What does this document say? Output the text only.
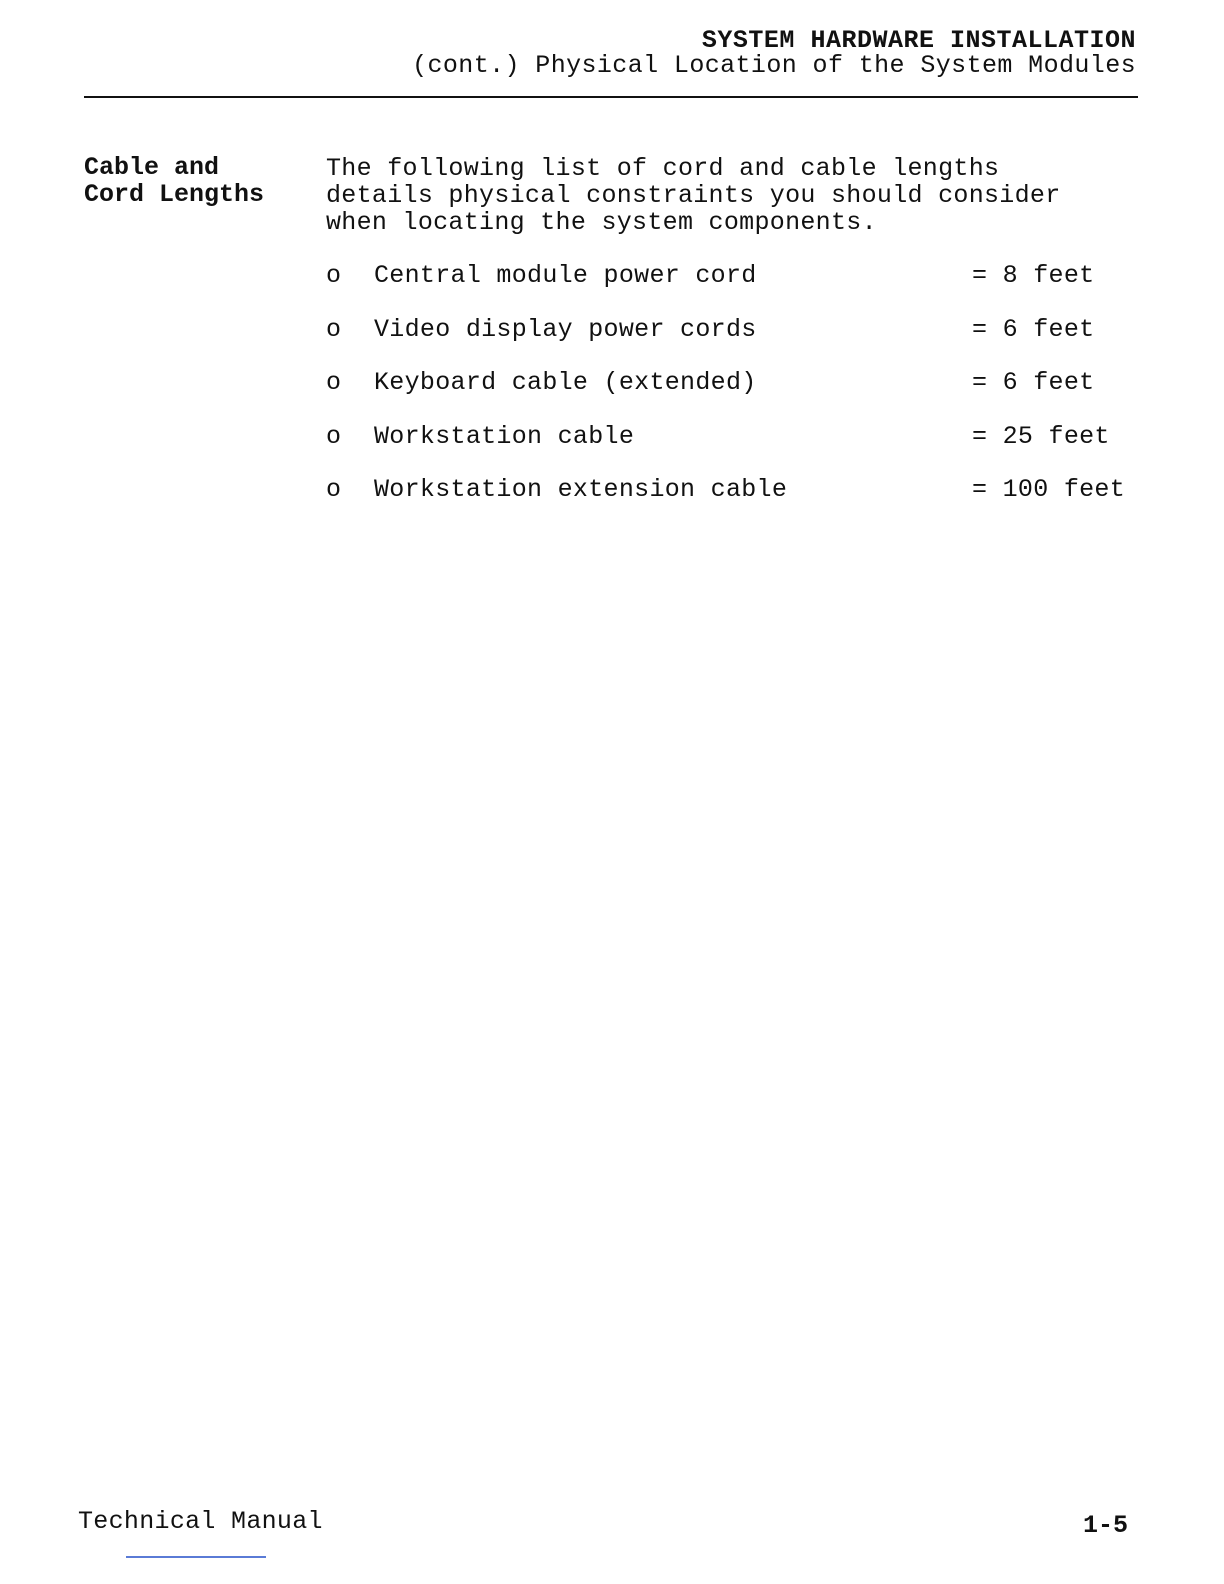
SYSTEM HARDWARE INSTALLATION
(cont.) Physical Location of the System Modules
Cable and
Cord Lengths
The following list of cord and cable lengths
details physical constraints you should consider
when locating the system components.
o Central module power cord	= 8 feet
o Video display power cords	= 6 feet
o Keyboard cable (extended)	= 6 feet
o Workstation cable	= 25 feet
o Workstation extension cable	= 100 feet
Technical Manual	1-5
